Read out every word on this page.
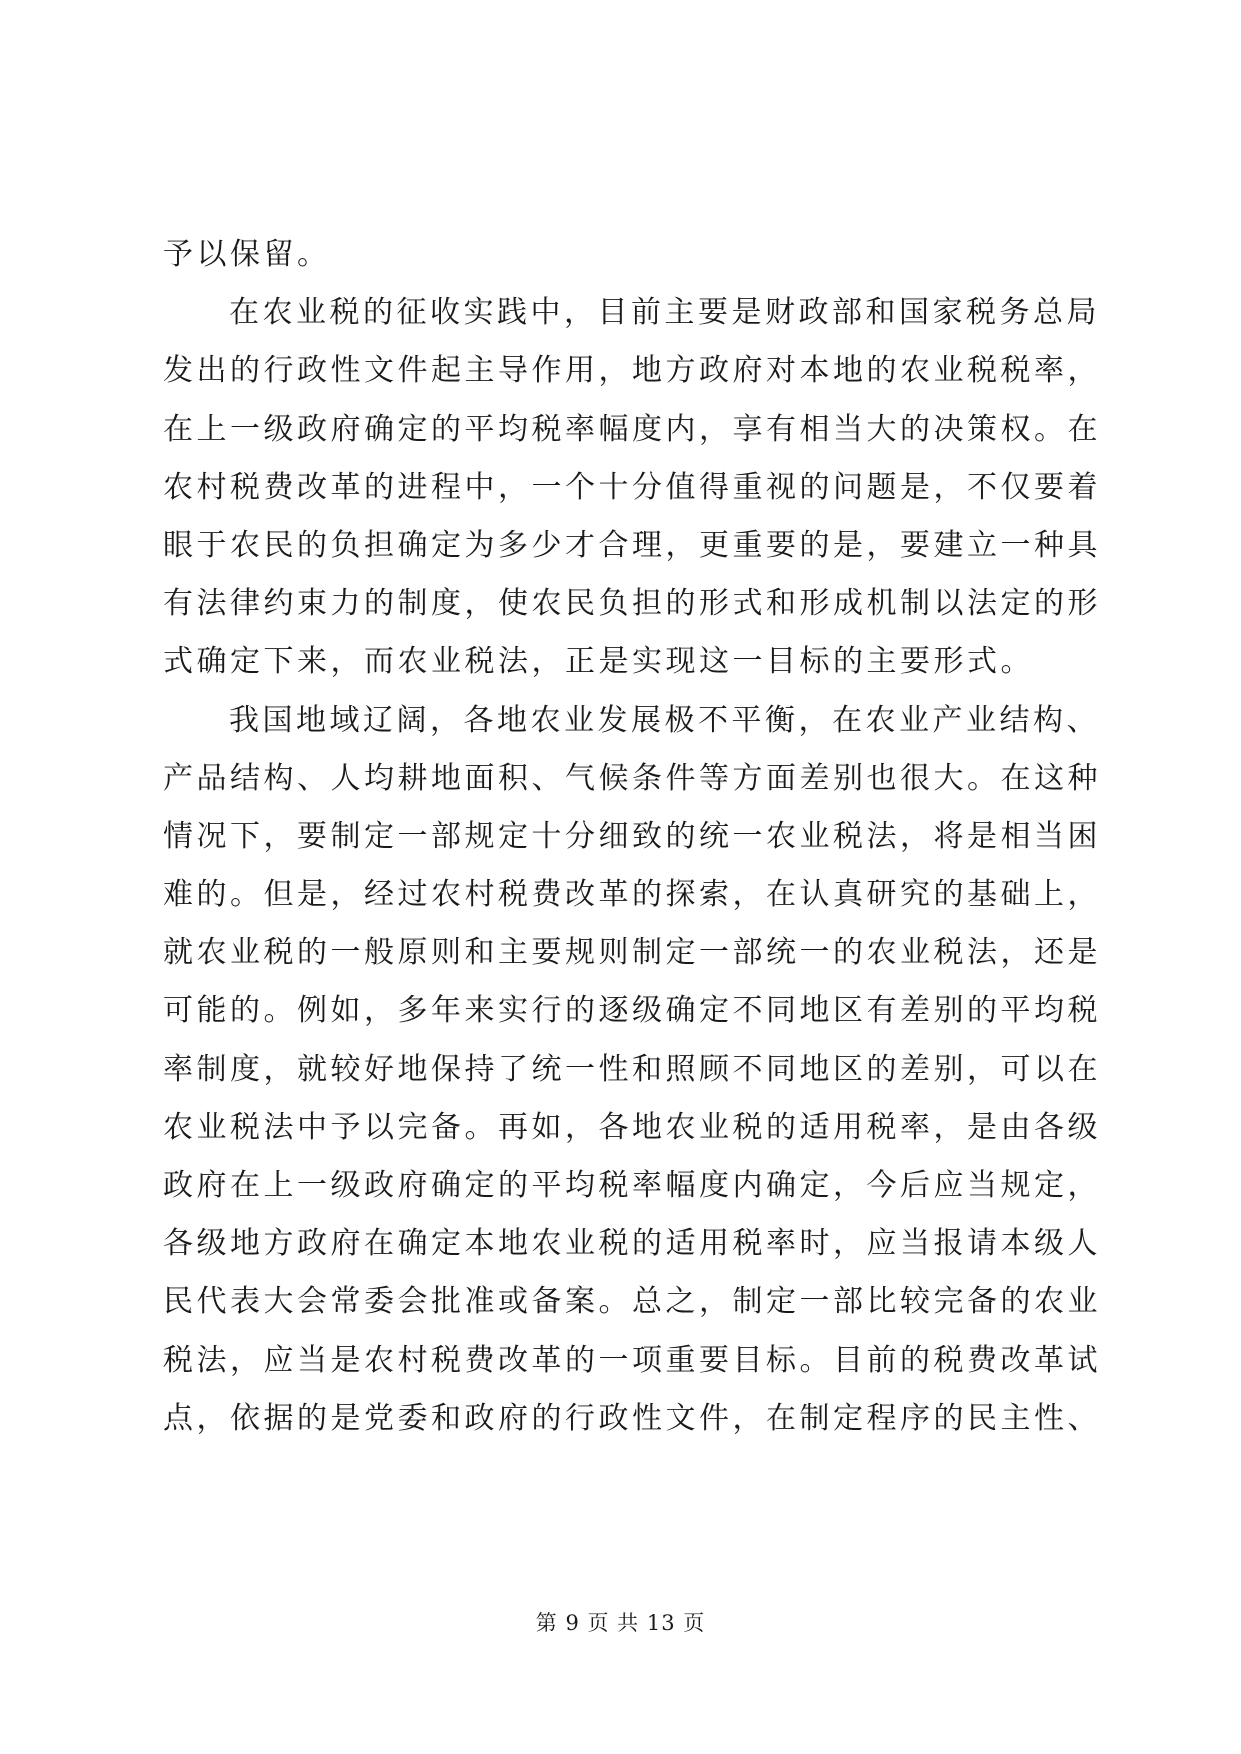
予以保留。
在农业税的征收实践中，目前主要是财政部和国家税务总局
发出的行政性文件起主导作用，地方政府对本地的农业税税率，
在上一级政府确定的平均税率幅度内，享有相当大的决策权。在
农村税费改革的进程中，一个十分值得重视的问题是，不仅要着
眼于农民的负担确定为多少才合理，更重要的是，要建立一种具
有法律约束力的制度，使农民负担的形式和形成机制以法定的形
式确定下来，而农业税法，正是实现这一目标的主要形式。
我国地域辽阔，各地农业发展极不平衡，在农业产业结构、
产品结构、人均耕地面积、气候条件等方面差别也很大。在这种
情况下，要制定一部规定十分细致的统一农业税法，将是相当困
难的。但是，经过农村税费改革的探索，在认真研究的基础上，
就农业税的一般原则和主要规则制定一部统一的农业税法，还是
可能的。例如，多年来实行的逐级确定不同地区有差别的平均税
率制度，就较好地保持了统一性和照顾不同地区的差别，可以在
农业税法中予以完备。再如，各地农业税的适用税率，是由各级
政府在上一级政府确定的平均税率幅度内确定，今后应当规定，
各级地方政府在确定本地农业税的适用税率时，应当报请本级人
民代表大会常委会批准或备案。总之，制定一部比较完备的农业
税法，应当是农村税费改革的一项重要目标。目前的税费改革试
点，依据的是党委和政府的行政性文件，在制定程序的民主性、
第 9 页 共 13 页
